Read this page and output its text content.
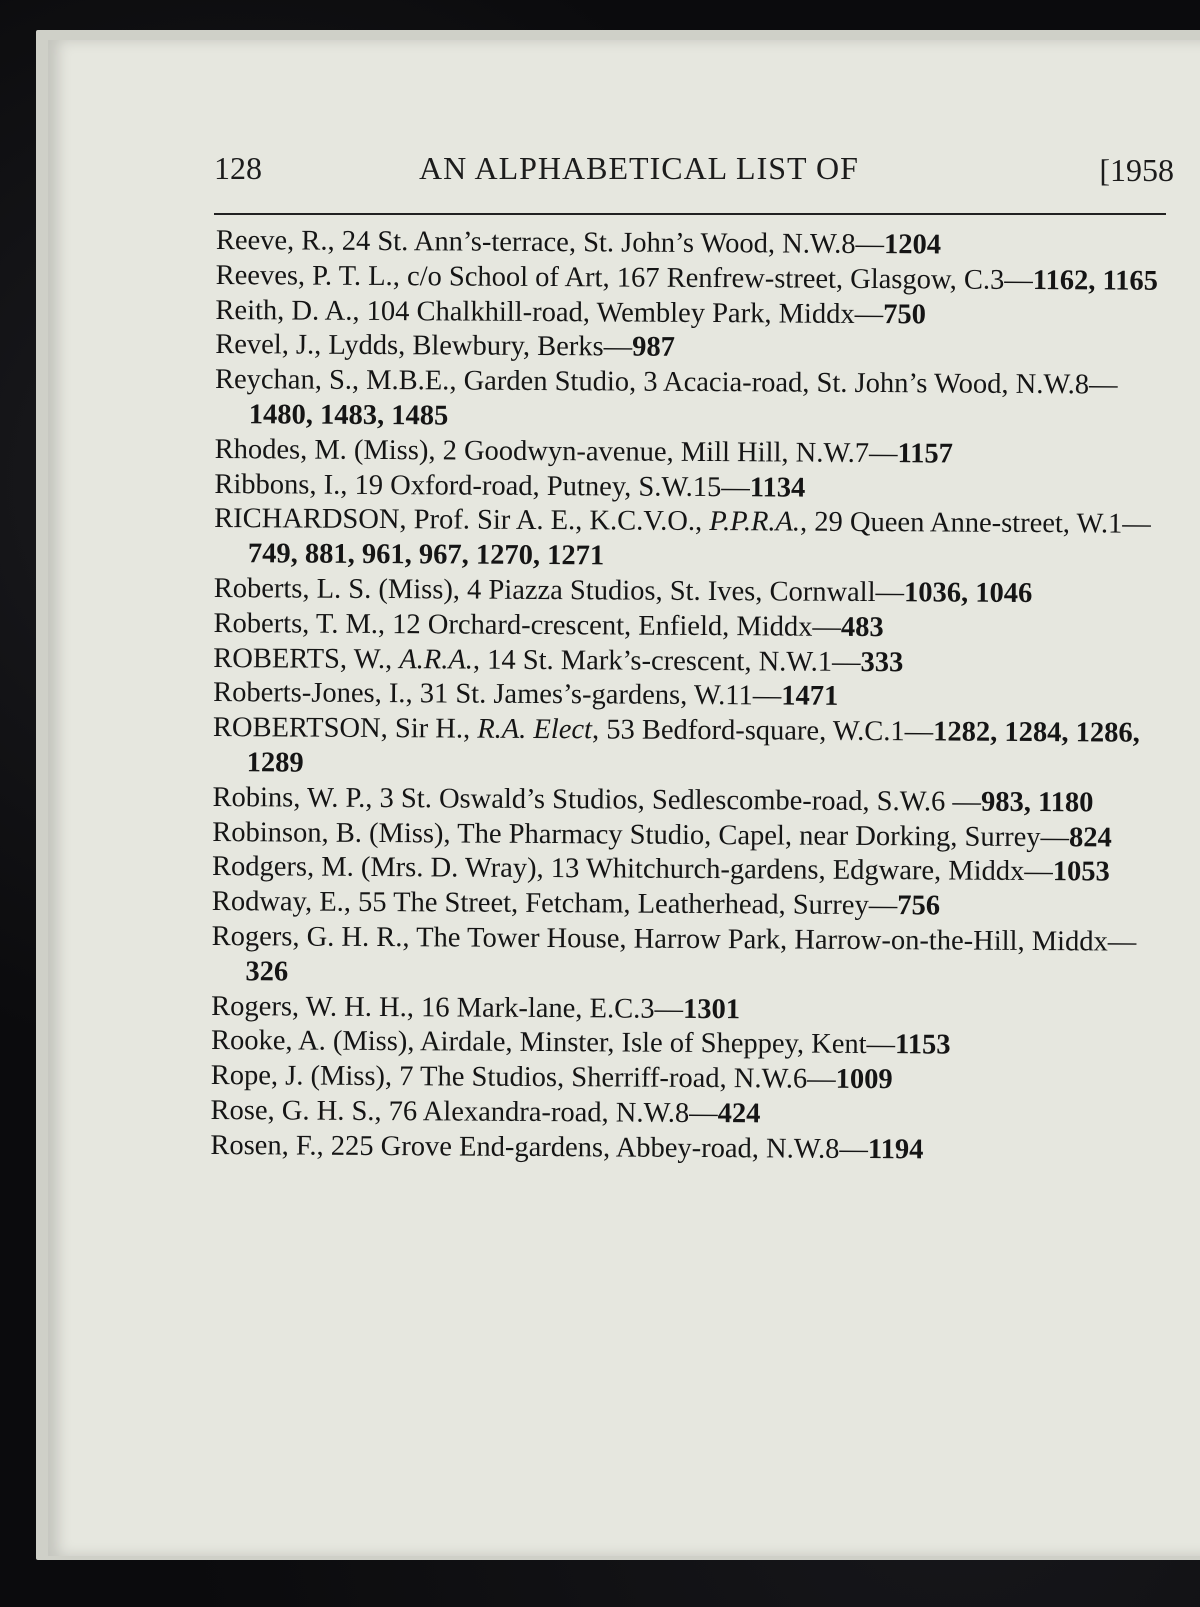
128	AN ALPHABETICAL LIST OF	[1958
Reeve, R., 24 St. Ann’s-terrace, St. John’s Wood, N.W.8—1204
Reeves, P. T. L., c/o School of Art, 167 Renfrew-street, Glasgow, C.3—1162, 1165
Reith, D. A., 104 Chalkhill-road, Wembley Park, Middx—750
Revel, J., Lydds, Blewbury, Berks—987
Reychan, S., M.B.E., Garden Studio, 3 Acacia-road, St. John’s Wood, N.W.8—1480, 1483, 1485
Rhodes, M. (Miss), 2 Goodwyn-avenue, Mill Hill, N.W.7—1157
Ribbons, I., 19 Oxford-road, Putney, S.W.15—1134
RICHARDSON, Prof. Sir A. E., K.C.V.O., P.P.R.A., 29 Queen Anne-street, W.1—749, 881, 961, 967, 1270, 1271
Roberts, L. S. (Miss), 4 Piazza Studios, St. Ives, Cornwall—1036, 1046
Roberts, T. M., 12 Orchard-crescent, Enfield, Middx—483
ROBERTS, W., A.R.A., 14 St. Mark’s-crescent, N.W.1—333
Roberts-Jones, I., 31 St. James’s-gardens, W.11—1471
ROBERTSON, Sir H., R.A. Elect, 53 Bedford-square, W.C.1—1282, 1284, 1286, 1289
Robins, W. P., 3 St. Oswald’s Studios, Sedlescombe-road, S.W.6 —983, 1180
Robinson, B. (Miss), The Pharmacy Studio, Capel, near Dorking, Surrey—824
Rodgers, M. (Mrs. D. Wray), 13 Whitchurch-gardens, Edgware, Middx—1053
Rodway, E., 55 The Street, Fetcham, Leatherhead, Surrey—756
Rogers, G. H. R., The Tower House, Harrow Park, Harrow-on-the-Hill, Middx—326
Rogers, W. H. H., 16 Mark-lane, E.C.3—1301
Rooke, A. (Miss), Airdale, Minster, Isle of Sheppey, Kent—1153
Rope, J. (Miss), 7 The Studios, Sherriff-road, N.W.6—1009
Rose, G. H. S., 76 Alexandra-road, N.W.8—424
Rosen, F., 225 Grove End-gardens, Abbey-road, N.W.8—1194
